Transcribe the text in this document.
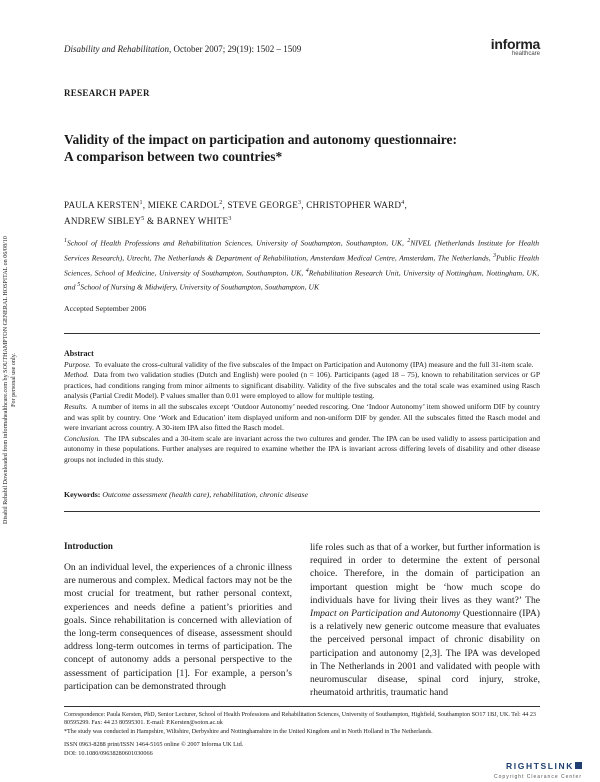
Disability and Rehabilitation, October 2007; 29(19): 1502 – 1509	informa
healthcare
RESEARCH PAPER
Validity of the impact on participation and autonomy questionnaire: A comparison between two countries*
PAULA KERSTEN$^1$, MIEKE CARDOL$^2$, STEVE GEORGE$^3$, CHRISTOPHER WARD$^4$,
ANDREW SIBLEY$^5$ & BARNEY WHITE$^3$
$^1$School of Health Professions and Rehabilitation Sciences, University of Southampton, Southampton, UK, $^2$NIVEL (Netherlands Institute for Health Services Research), Utrecht, The Netherlands & Department of Rehabilitation, Amsterdam Medical Centre, Amsterdam, The Netherlands, $^3$Public Health Sciences, School of Medicine, University of Southampton, Southampton, UK, $^4$Rehabilitation Research Unit, University of Nottingham, Nottingham, UK, and $^5$School of Nursing & Midwifery, University of Southampton, Southampton, UK
Accepted September 2006
Abstract

Purpose. To evaluate the cross-cultural validity of the five subscales of the Impact on Participation and Autonomy (IPA) measure and the full 31-item scale.

Method. Data from two validation studies (Dutch and English) were pooled (n = 106). Participants (aged 18 – 75), known to rehabilitation services or GP practices, had conditions ranging from minor ailments to significant disability. Validity of the five subscales and the total scale was examined using Rasch analysis (Partial Credit Model). P values smaller than 0.01 were employed to allow for multiple testing.

Results. A number of items in all the subscales except ‘Outdoor Autonomy’ needed rescoring. One ‘Indoor Autonomy’ item showed uniform DIF by country and was split by country. One ‘Work and Education’ item displayed uniform and non-uniform DIF by gender. All the subscales fitted the Rasch model and were invariant across country. A 30-item IPA also fitted the Rasch model.

Conclusion. The IPA subscales and a 30-item scale are invariant across the two cultures and gender. The IPA can be used validly to assess participation and autonomy in these populations. Further analyses are required to examine whether the IPA is invariant across differing levels of disability and other disease groups not included in this study.

Keywords: Outcome assessment (health care), rehabilitation, chronic disease
Introduction

On an individual level, the experiences of a chronic illness are numerous and complex. Medical factors may not be the most crucial for treatment, but rather personal context, experiences and needs define a patient’s priorities and goals. Since rehabilitation is concerned with alleviation of the long-term consequences of disease, assessment should address long-term outcomes in terms of participation. The concept of autonomy adds a personal perspective to the assessment of participation [1]. For example, a person’s participation can be demonstrated through

life roles such as that of a worker, but further information is required in order to determine the extent of personal choice. Therefore, in the domain of participation an important question might be ‘how much scope do individuals have for living their lives as they want?’ The Impact on Participation and Autonomy Questionnaire (IPA) is a relatively new generic outcome measure that evaluates the perceived personal impact of chronic disability on participation and autonomy [2,3]. The IPA was developed in The Netherlands in 2001 and validated with people with neuromuscular disease, spinal cord injury, stroke, rheumatoid arthritis, traumatic hand

Correspondence: Paula Kersten, PhD, Senior Lecturer, School of Health Professions and Rehabilitation Sciences, University of Southampton, Highfield, Southampton SO17 1BJ, UK. Tel: 44 23 80595299. Fax: 44 23 80595301. E-mail: P.Kersten@soton.ac.uk
*The study was conducted in Hampshire, Wiltshire, Derbyshire and Nottinghamshire in the United Kingdom and in North Holland in The Netherlands.
ISSN 0963-8288 print/ISSN 1464-5165 online © 2007 Informa UK Ltd.
DOI: 10.1080/09638280601030066
Disabil Rehabil Downloaded from informahealthcare.com by SOUTHAMPTON GENERAL HOSPITAL on 06/08/10 For personal use only.
RIGHTSLINK
Copyright Clearance Center
